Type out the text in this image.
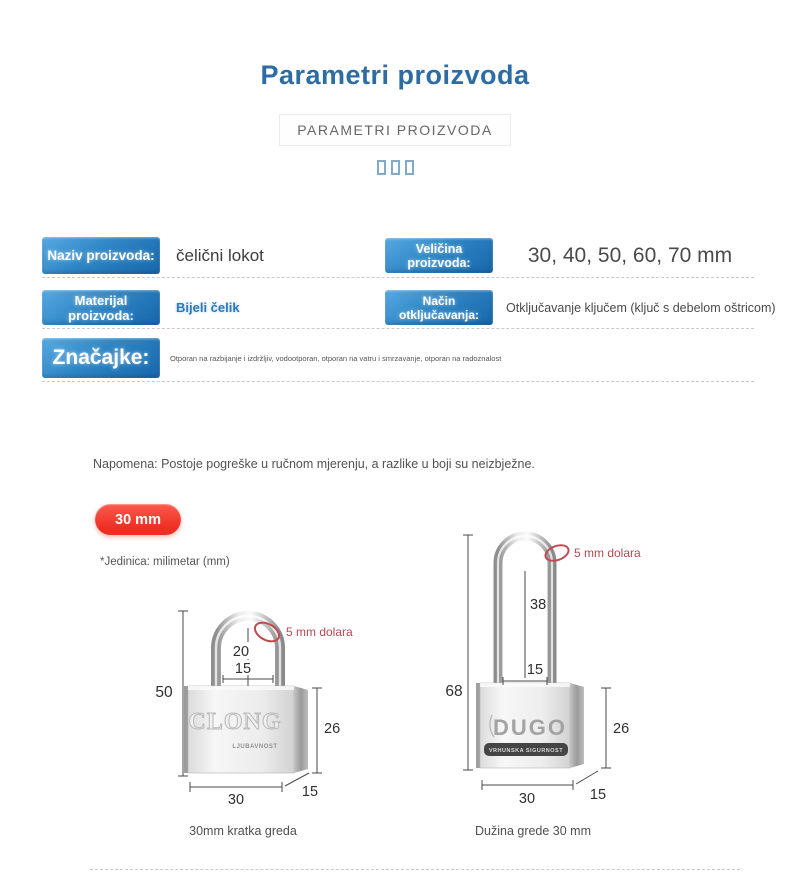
Parametri proizvoda
PARAMETRI PROIZVODA
Naziv proizvoda:	čelični lokot	Veličina proizvoda:	30, 40, 50, 60, 70 mm
Materijal proizvoda:	Bijeli čelik	Način otključavanja:	Otključavanje ključem (ključ s debelom oštricom)
Značajke:	Otporan na razbijanje i izdržljiv, vodootporan, otporan na vatru i smrzavanje, otporan na radoznalost
Napomena: Postoje pogreške u ručnom mjerenju, a razlike u boji su neizbježne.
30 mm
*Jedinica: milimetar (mm)
CLONG
LJUBAVNOST
50
20
15
26
30	15
5 mm dolara
DUGO
VRHUNSKA SIGURNOST
68
38
15
26
30	15
5 mm dolara
30mm kratka greda	Dužina grede 30 mm
